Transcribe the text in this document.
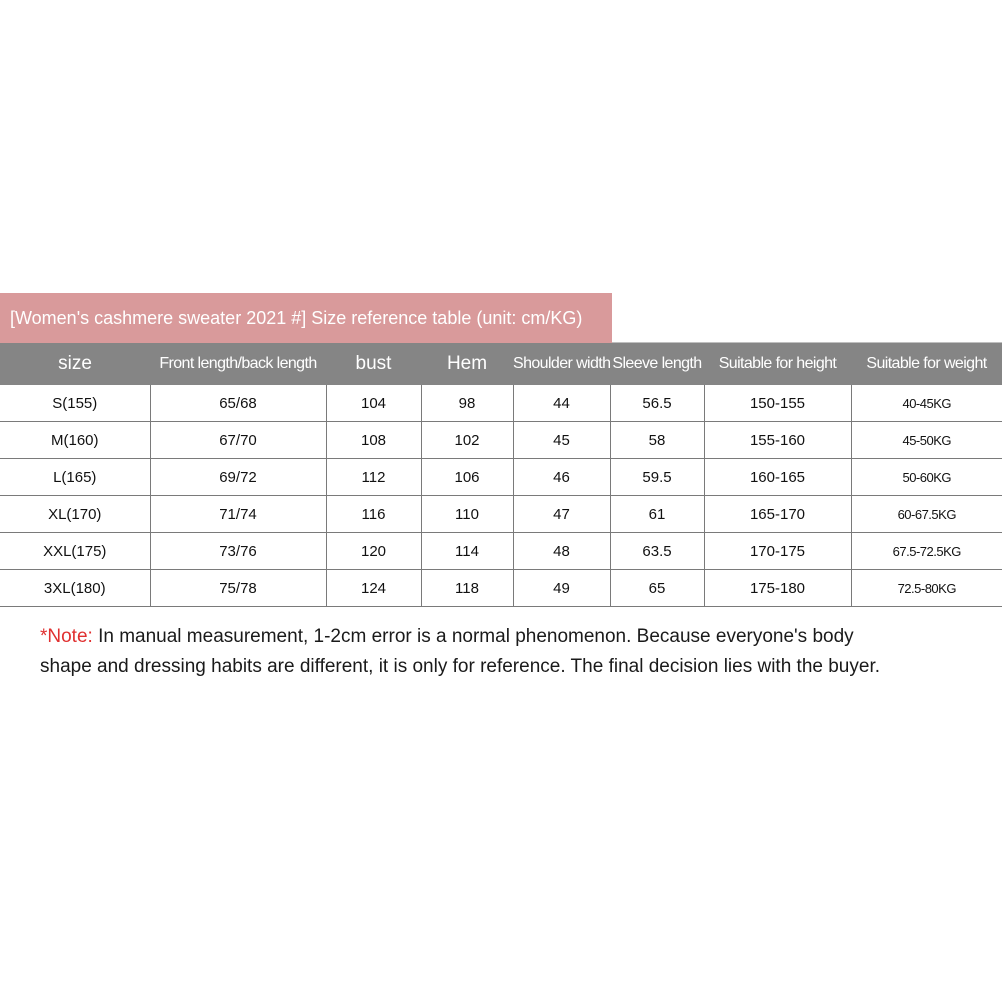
[Women's cashmere sweater 2021 #] Size reference table (unit: cm/KG)
size	Front length/back length	bust	Hem	Shoulder width	Sleeve length	Suitable for height	Suitable for weight
S(155)	65/68	104	98	44	56.5	150-155	40-45KG
M(160)	67/70	108	102	45	58	155-160	45-50KG
L(165)	69/72	112	106	46	59.5	160-165	50-60KG
XL(170)	71/74	116	110	47	61	165-170	60-67.5KG
XXL(175)	73/76	120	114	48	63.5	170-175	67.5-72.5KG
3XL(180)	75/78	124	118	49	65	175-180	72.5-80KG
*Note: In manual measurement, 1-2cm error is a normal phenomenon. Because everyone's body
shape and dressing habits are different, it is only for reference. The final decision lies with the buyer.
